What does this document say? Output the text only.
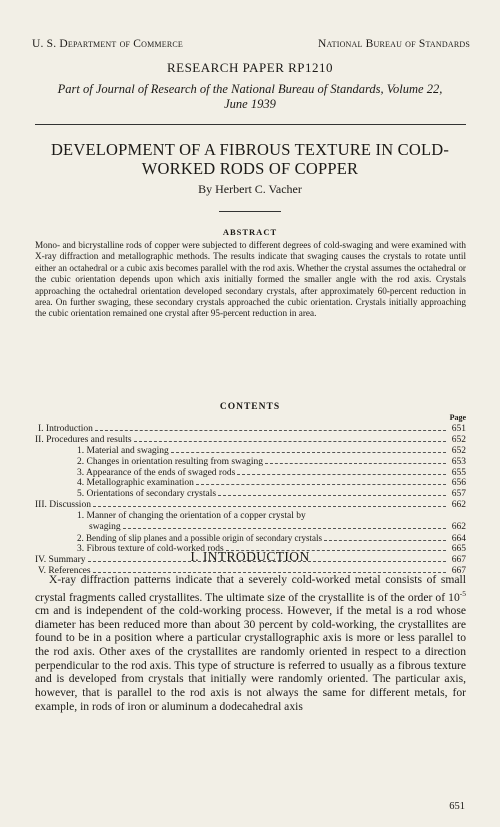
U. S. Department of Commerce	National Bureau of Standards
RESEARCH PAPER RP1210
Part of Journal of Research of the National Bureau of Standards, Volume 22,
June 1939
DEVELOPMENT OF A FIBROUS TEXTURE IN COLD-
WORKED RODS OF COPPER
By Herbert C. Vacher
ABSTRACT
Mono- and bicrystalline rods of copper were subjected to different degrees of cold-swaging and were examined with X-ray diffraction and metallographic methods. The results indicate that swaging causes the crystals to rotate until either an octahedral or a cubic axis becomes parallel with the rod axis. Whether the crystal assumes the octahedral or the cubic orientation depends upon which axis initially formed the smaller angle with the rod axis. Crystals approaching the octahedral orientation developed secondary crystals, after approximately 60-percent reduction in area. On further swaging, these secondary crystals approached the cubic orientation. Crystals initially approaching the cubic orientation remained one crystal after 95-percent reduction in area.
CONTENTS
Page
I. Introduction	651
II. Procedures and results	652
1. Material and swaging	652
2. Changes in orientation resulting from swaging	653
3. Appearance of the ends of swaged rods	655
4. Metallographic examination	656
5. Orientations of secondary crystals	657
III. Discussion	662
1. Manner of changing the orientation of a copper crystal by
swaging	662
2. Bending of slip planes and a possible origin of secondary crystals	664
3. Fibrous texture of cold-worked rods	665
IV. Summary	667
V. References	667
I. INTRODUCTION
X-ray diffraction patterns indicate that a severely cold-worked metal consists of small crystal fragments called crystallites. The ultimate size of the crystallite is of the order of $10^{-5}$ cm and is independent of the cold-working process. However, if the metal is a rod whose diameter has been reduced more than about 30 percent by cold-working, the crystallites are found to be in a position where a particular crystallographic axis is more or less parallel to the rod axis. Other axes of the crystallites are randomly oriented in respect to a direction perpendicular to the rod axis. This type of structure is referred to usually as a fibrous texture and is developed from crystals that initially were randomly oriented. The particular axis, however, that is parallel to the rod axis is not always the same for different metals, for example, in rods of iron or aluminum a dodecahedral axis
651
